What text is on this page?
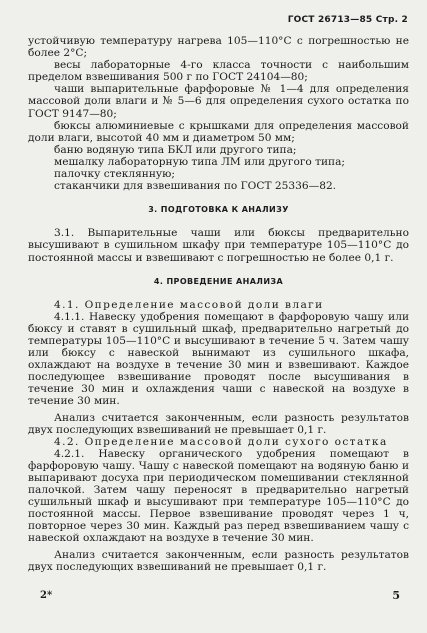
ГОСТ 26713—85 Стр. 2

устойчивую температуру нагрева 105—110°С с погрешностью не более 2°С;

весы лабораторные 4-го класса точности с наибольшим пределом взвешивания 500 г по ГОСТ 24104—80;

чаши выпарительные фарфоровые № 1—4 для определения массовой доли влаги и № 5—6 для определения сухого остатка по ГОСТ 9147—80;

бюксы алюминиевые с крышками для определения массовой доли влаги, высотой 40 мм и диаметром 50 мм;

баню водяную типа БКЛ или другого типа;

мешалку лабораторную типа ЛМ или другого типа;

палочку стеклянную;

стаканчики для взвешивания по ГОСТ 25336—82.

3. ПОДГОТОВКА К АНАЛИЗУ

3.1. Выпарительные чаши или бюксы предварительно высушивают в сушильном шкафу при температуре 105—110°С до постоянной массы и взвешивают с погрешностью не более 0,1 г.

4. ПРОВЕДЕНИЕ АНАЛИЗА

4.1. Определение массовой доли влаги

4.1.1. Навеску удобрения помещают в фарфоровую чашу или бюксу и ставят в сушильный шкаф, предварительно нагретый до температуры 105—110°С и высушивают в течение 5 ч. Затем чашу или бюксу с навеской вынимают из сушильного шкафа, охлаждают на воздухе в течение 30 мин и взвешивают. Каждое последующее взвешивание проводят после высушивания в течение 30 мин и охлаждения чаши с навеской на воздухе в течение 30 мин.

Анализ считается законченным, если разность результатов двух последующих взвешиваний не превышает 0,1 г.

4.2. Определение массовой доли сухого остатка

4.2.1. Навеску органического удобрения помещают в фарфоровую чашу. Чашу с навеской помещают на водяную баню и выпаривают досуха при периодическом помешивании стеклянной палочкой. Затем чашу переносят в предварительно нагретый сушильный шкаф и высушивают при температуре 105—110°С до постоянной массы. Первое взвешивание проводят через 1 ч, повторное через 30 мин. Каждый раз перед взвешиванием чашу с навеской охлаждают на воздухе в течение 30 мин.

Анализ считается законченным, если разность результатов двух последующих взвешиваний не превышает 0,1 г.

2*	5
